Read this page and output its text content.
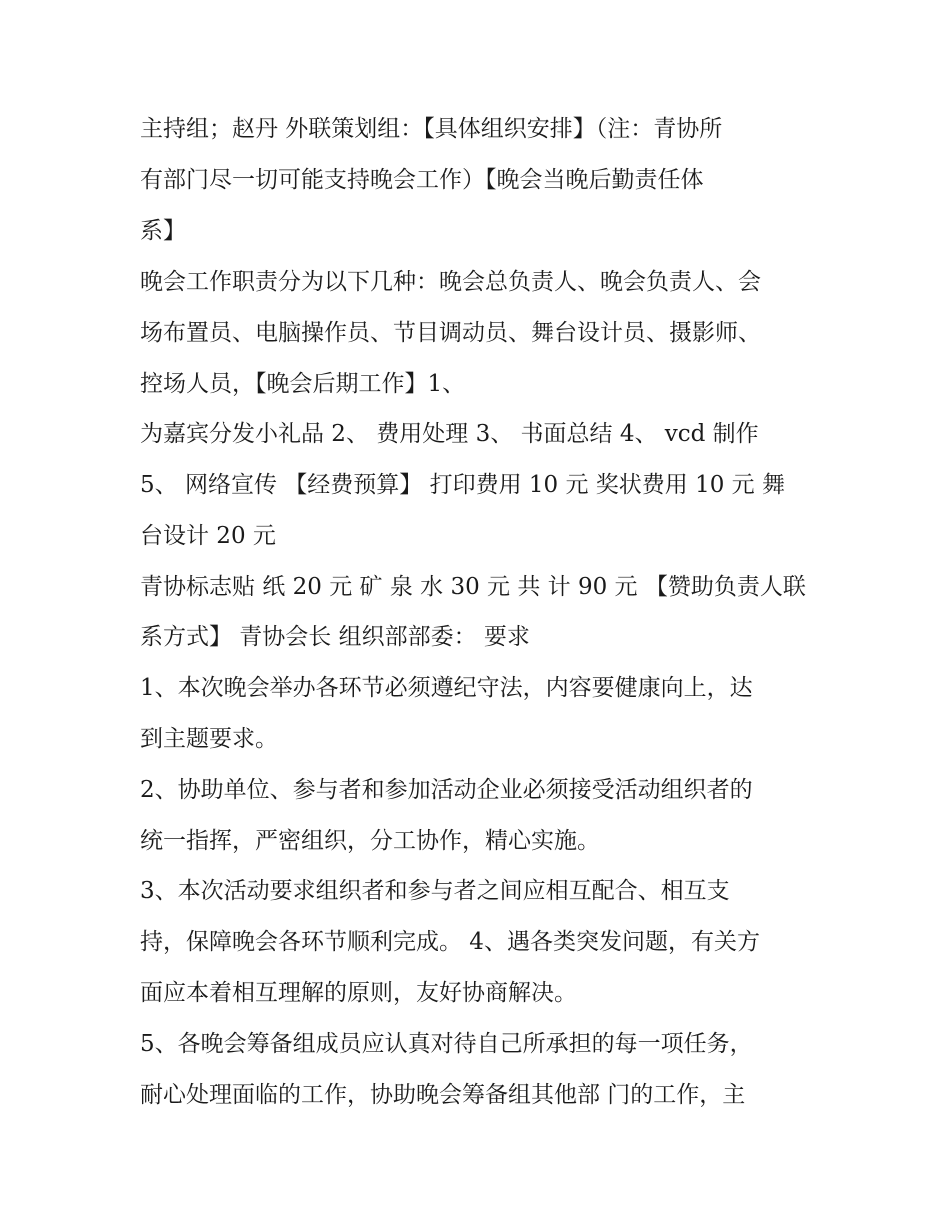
主持组；赵丹 外联策划组：【具体组织安排】（注：青协所

有部门尽一切可能支持晚会工作）【晚会当晚后勤责任体

系】

晚会工作职责分为以下几种：晚会总负责人、晚会负责人、会

场布置员、电脑操作员、节目调动员、舞台设计员、摄影师、

控场人员，【晚会后期工作】1、

为嘉宾分发小礼品 2、 费用处理 3、 书面总结 4、 vcd 制作

5、 网络宣传 【经费预算】 打印费用 10 元 奖状费用 10 元 舞

台设计 20 元

青协标志贴 纸 20 元 矿 泉 水 30 元 共 计 90 元 【赞助负责人联

系方式】 青协会长 组织部部委： 要求

1、本次晚会举办各环节必须遵纪守法，内容要健康向上，达

到主题要求。

2、协助单位、参与者和参加活动企业必须接受活动组织者的

统一指挥，严密组织，分工协作，精心实施。

3、本次活动要求组织者和参与者之间应相互配合、相互支

持，保障晚会各环节顺利完成。 4、遇各类突发问题，有关方

面应本着相互理解的原则，友好协商解决。

5、各晚会筹备组成员应认真对待自己所承担的每一项任务，

耐心处理面临的工作，协助晚会筹备组其他部 门的工作，主
